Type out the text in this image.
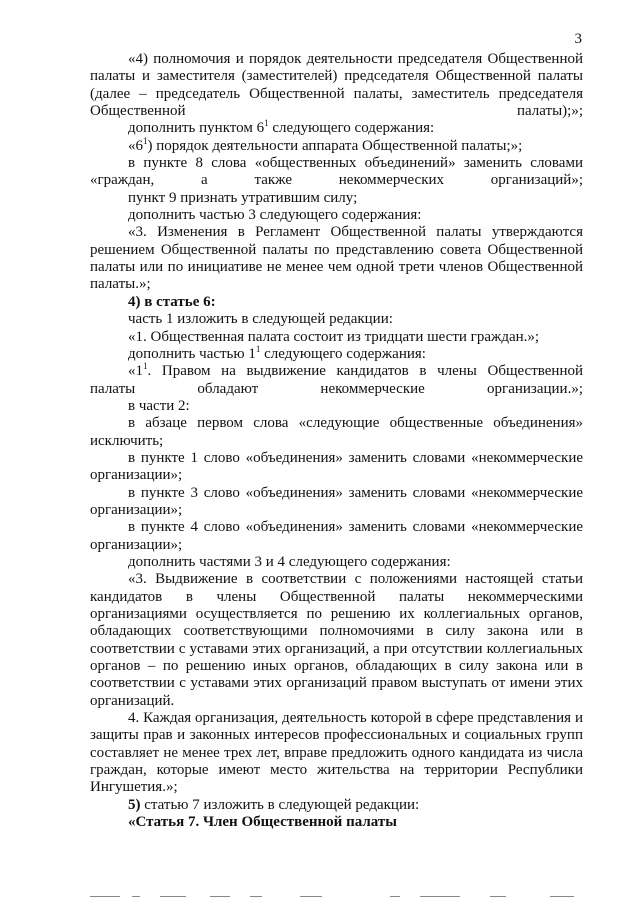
3

«4) полномочия и порядок деятельности председателя Общественной палаты и заместителя (заместителей) председателя Общественной палаты (далее – председатель Общественной палаты, заместитель председателя Общественной палаты);»;

дополнить пунктом $6^1$ следующего содержания:

«$6^1$) порядок деятельности аппарата Общественной палаты;»;

в пункте 8 слова «общественных объединений» заменить словами «граждан, а также некоммерческих организаций»;

пункт 9 признать утратившим силу;

дополнить частью 3 следующего содержания:

«3. Изменения в Регламент Общественной палаты утверждаются решением Общественной палаты по представлению совета Общественной палаты или по инициативе не менее чем одной трети членов Общественной палаты.»;

4) в статье 6:

часть 1 изложить в следующей редакции:

«1. Общественная палата состоит из тридцати шести граждан.»;

дополнить частью $1^1$ следующего содержания:

«$1^1$. Правом на выдвижение кандидатов в члены Общественной палаты обладают некоммерческие организации.»;

в части 2:

в абзаце первом слова «следующие общественные объединения» исключить;

в пункте 1 слово «объединения» заменить словами «некоммерческие организации»;

в пункте 3 слово «объединения» заменить словами «некоммерческие организации»;

в пункте 4 слово «объединения» заменить словами «некоммерческие организации»;

дополнить частями 3 и 4 следующего содержания:

«3. Выдвижение в соответствии с положениями настоящей статьи кандидатов в члены Общественной палаты некоммерческими организациями осуществляется по решению их коллегиальных органов, обладающих соответствующими полномочиями в силу закона или в соответствии с уставами этих организаций, а при отсутствии коллегиальных органов – по решению иных органов, обладающих в силу закона или в соответствии с уставами этих организаций правом выступать от имени этих организаций.

4. Каждая организация, деятельность которой в сфере представления и защиты прав и законных интересов профессиональных и социальных групп составляет не менее трех лет, вправе предложить одного кандидата из числа граждан, которые имеют место жительства на территории Республики Ингушетия.»;

5) статью 7 изложить в следующей редакции:

«Статья 7. Член Общественной палаты
